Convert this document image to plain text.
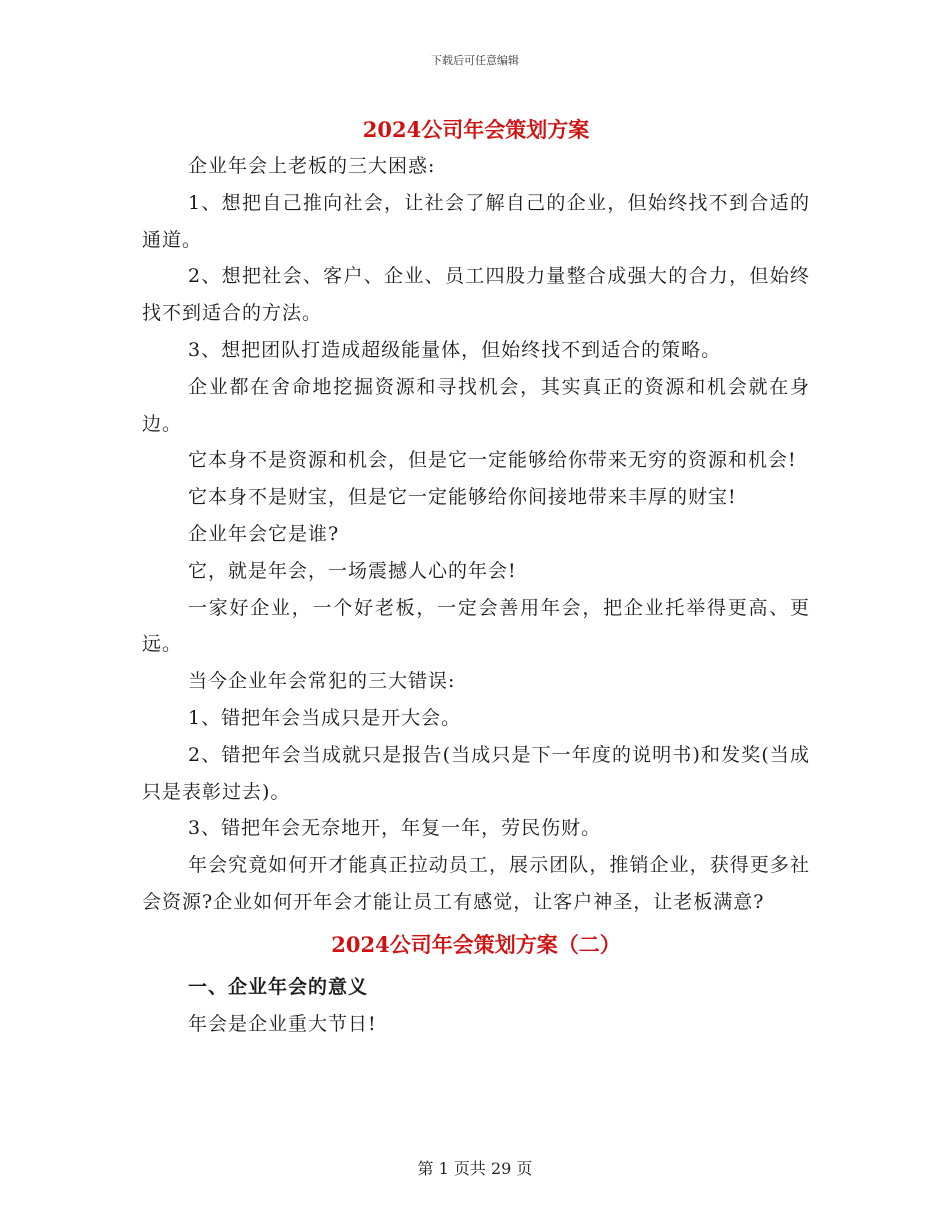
下载后可任意编辑
2024公司年会策划方案

企业年会上老板的三大困惑:

1、想把自己推向社会，让社会了解自己的企业，但始终找不到合适的通道。

2、想把社会、客户、企业、员工四股力量整合成强大的合力，但始终找不到适合的方法。

3、想把团队打造成超级能量体，但始终找不到适合的策略。

企业都在舍命地挖掘资源和寻找机会，其实真正的资源和机会就在身边。

它本身不是资源和机会，但是它一定能够给你带来无穷的资源和机会!

它本身不是财宝，但是它一定能够给你间接地带来丰厚的财宝!

企业年会它是谁?

它，就是年会，一场震撼人心的年会!

一家好企业，一个好老板，一定会善用年会，把企业托举得更高、更远。

当今企业年会常犯的三大错误:

1、错把年会当成只是开大会。

2、错把年会当成就只是报告(当成只是下一年度的说明书)和发奖(当成只是表彰过去)。

3、错把年会无奈地开，年复一年，劳民伤财。

年会究竟如何开才能真正拉动员工，展示团队，推销企业，获得更多社会资源?企业如何开年会才能让员工有感觉，让客户神圣，让老板满意?

2024公司年会策划方案（二）

一、企业年会的意义

年会是企业重大节日!

第 1 页共 29 页
